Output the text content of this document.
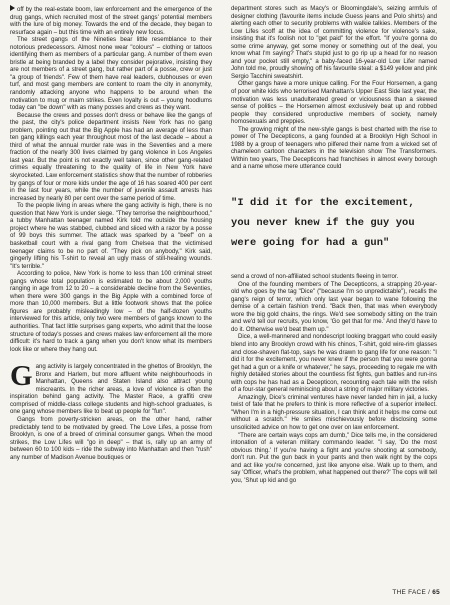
off by the real-estate boom, law enforcement and the emergence of the drug gangs, which recruited most of the street gangs' potential members with the lure of big money. Towards the end of the decade, they began to resurface again – but this time with an entirely new focus.

The street gangs of the Nineties bear little resemblance to their notorious predecessors. Almost none wear "colours" – clothing or tattoos identifying them as members of a particular gang. A number of them even bristle at being branded by a label they consider pejorative, insisting they are not members of a street gang, but rather part of a posse, crew or just "a group of friends". Few of them have real leaders, clubhouses or even turf, and most gang members are content to roam the city in anonymity, randomly attacking anyone who happens to be around when the motivation to mug or maim strikes. Even loyalty is out – young hoodlums today can "be down" with as many posses and crews as they want.

Because the crews and posses don't dress or behave like the gangs of the past, the city's police department insists New York has no gang problem, pointing out that the Big Apple has had an average of less than ten gang killings each year throughout most of the last decade – about a third of what the annual murder rate was in the Seventies and a mere fraction of the nearly 300 lives claimed by gang violence in Los Angeles last year. But the point is not exactly well taken, since other gang-related crimes equally threatening to the quality of life in New York have skyrocketed. Law enforcement statistics show that the number of robberies by gangs of four or more kids under the age of 16 has soared 400 per cent in the last four years, while the number of juvenile assault arrests has increased by nearly 80 per cent over the same period of time.

To the people living in areas where the gang activity is high, there is no question that New York is under siege. "They terrorise the neighbourhood," a tubby Manhattan teenager named Kirk told me outside the housing project where he was stabbed, clubbed and sliced with a razor by a posse of 99 boys this summer. The attack was sparked by a "beef" on a basketball court with a rival gang from Chelsea that the victimised teenager claims to be no part of. "They pick on anybody," Kirk said, gingerly lifting his T-shirt to reveal an ugly mass of still-healing wounds. "It's terrible."

According to police, New York is home to less than 100 criminal street gangs whose total population is estimated to be about 2,000 youths ranging in age from 12 to 20 – a considerable decline from the Seventies, when there were 300 gangs in the Big Apple with a combined force of more than 10,000 members. But a little footwork shows that the police figures are probably misleadingly low – of the half-dozen youths interviewed for this article, only two were members of gangs known to the authorities. That fact little surprises gang experts, who admit that the loose structure of today's posses and crews makes law enforcement all the more difficult: it's hard to track a gang when you don't know what its members look like or where they hang out.

Gang activity is largely concentrated in the ghettos of Brooklyn, the Bronx and Harlem, but more affluent white neighbourhoods in Manhattan, Queens and Staten Island also attract young miscreants. In the richer areas, a love of violence is often the inspiration behind gang activity. The Master Race, a graffiti crew comprised of middle-class college students and high-school graduates, is one gang whose members like to beat up people for "fun".

Gangs from poverty-stricken areas, on the other hand, rather predictably tend to be motivated by greed. The Love Lifes, a posse from Brooklyn, is one of a breed of criminal consumer gangs. When the mood strikes, the Low Lifes will "go in deep" – that is, rally up an army of between 60 to 100 kids – ride the subway into Manhattan and then "rush" any number of Madison Avenue boutiques or

department stores such as Macy's or Bloomingdale's, seizing armfuls of designer clothing (favourite items include Guess jeans and Polo shirts) and alerting each other to security problems with walkie talkies. Members of the Low Lifes scoff at the idea of committing violence for violence's sake, insisting that it's foolish not to "get paid" for the effort. "If you're gonna do some crime anyway, get some money or something out of the deal, you know what I'm saying? That's stupid just to go rip up a head for no reason and your pocket still empty," a baby-faced 16-year-old Low Lifer named John told me, proudly showing off his favourite steal: a $149 yellow and pink Sergio Tacchini sweatshirt.

Other gangs have a more unique calling. For the Four Horsemen, a gang of poor white kids who terrorised Manhattan's Upper East Side last year, the motivation was less unadulterated greed or viciousness than a skewed sense of politics – the Horsemen almost exclusively beat up and robbed people they considered unproductive members of society, namely homosexuals and preppies.

The growing might of the new-style gangs is best charted with the rise to power of The Decepticons, a gang founded at a Brooklyn High School in 1988 by a group of teenagers who pilfered their name from a wicked set of chameleon cartoon characters in the television show The Transformers. Within two years, The Decepticons had franchises in almost every borough and a name whose mere utterance could

"I did it for the excitement, you never knew if the guy you were going for had a gun"

send a crowd of non-affiliated school students fleeing in terror.

One of the founding members of The Decepticons, a strapping 20-year-old who goes by the tag "Dice" ("because I'm so unpredictable"), recalls the gang's reign of terror, which only last year began to wane following the demise of a certain fashion trend. "Back then, that was when everybody wore the big gold chains, the rings. We'd see somebody sitting on the train and we'd tell our recruits, you know, 'Go get that for me.' And they'd have to do it. Otherwise we'd beat them up."

Dice, a well-mannered and nondescript looking braggart who could easily blend into any Brooklyn crowd with his chinos, T-shirt, gold wire-rim glasses and close-shaven flat-top, says he was drawn to gang life for one reason: "I did it for the excitement, you never knew if the person that you were gonna get had a gun or a knife or whatever," he says, proceeding to regale me with highly detailed stories about the countless fist fights, gun battles and run-ins with cops he has had as a Decepticon, recounting each tale with the relish of a four-star general reminiscing about a string of major military victories.

Amazingly, Dice's criminal ventures have never landed him in jail, a lucky twist of fate that he prefers to think is more reflective of a superior intellect. "When I'm in a high-pressure situation, I can think and it helps me come out without a scratch." He smiles mischievously before disclosing some unsolicited advice on how to get one over on law enforcement.

"There are certain ways cops am dumb," Dice tells me, in the considered intonation of a veteran military commando leader. "I say, 'Do the most obvious thing.' If you're having a fight and you're shooting at somebody, don't run. Put the gun back in your pants and then walk right by the cops and act like you're concerned, just like anyone else. Walk up to them, and say 'Officer, what's the problem, what happened out there?' The cops will tell you, 'Shut up kid and go

THE FACE / 65
